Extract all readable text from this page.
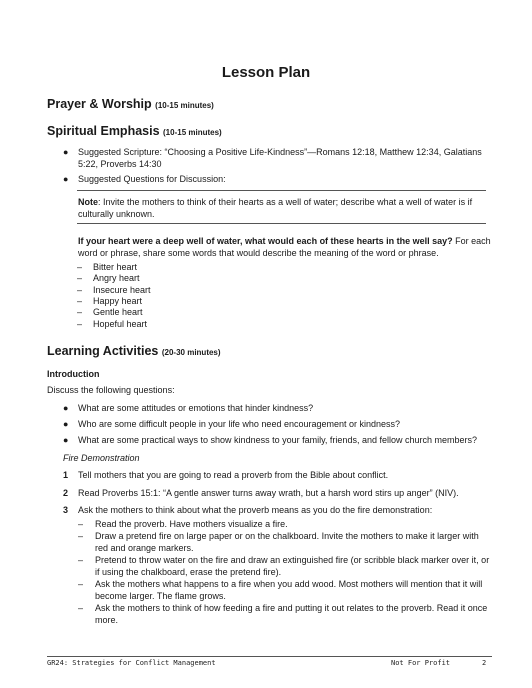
Lesson Plan
Prayer & Worship (10-15 minutes)
Spiritual Emphasis (10-15 minutes)
● Suggested Scripture: “Choosing a Positive Life-Kindness”—Romans 12:18, Matthew 12:34, Galatians
5:22, Proverbs 14:30
● Suggested Questions for Discussion:
Note: Invite the mothers to think of their hearts as a well of water; describe what a well of water is if
culturally unknown.
If your heart were a deep well of water, what would each of these hearts in the well say? For each
word or phrase, share some words that would describe the meaning of the word or phrase.
– Bitter heart
– Angry heart
– Insecure heart
– Happy heart
– Gentle heart
– Hopeful heart
Learning Activities (20-30 minutes)
Introduction
Discuss the following questions:
● What are some attitudes or emotions that hinder kindness?
● Who are some difficult people in your life who need encouragement or kindness?
● What are some practical ways to show kindness to your family, friends, and fellow church members?
Fire Demonstration
1 Tell mothers that you are going to read a proverb from the Bible about conflict.
2 Read Proverbs 15:1: “A gentle answer turns away wrath, but a harsh word stirs up anger” (NIV).
3 Ask the mothers to think about what the proverb means as you do the fire demonstration:
– Read the proverb. Have mothers visualize a fire.
– Draw a pretend fire on large paper or on the chalkboard. Invite the mothers to make it larger with
red and orange markers.
– Pretend to throw water on the fire and draw an extinguished fire (or scribble black marker over it, or
if using the chalkboard, erase the pretend fire).
– Ask the mothers what happens to a fire when you add wood. Most mothers will mention that it will
become larger. The flame grows.
– Ask the mothers to think of how feeding a fire and putting it out relates to the proverb. Read it once
more.
GR24: Strategies for Conflict Management	Not For Profit	2
